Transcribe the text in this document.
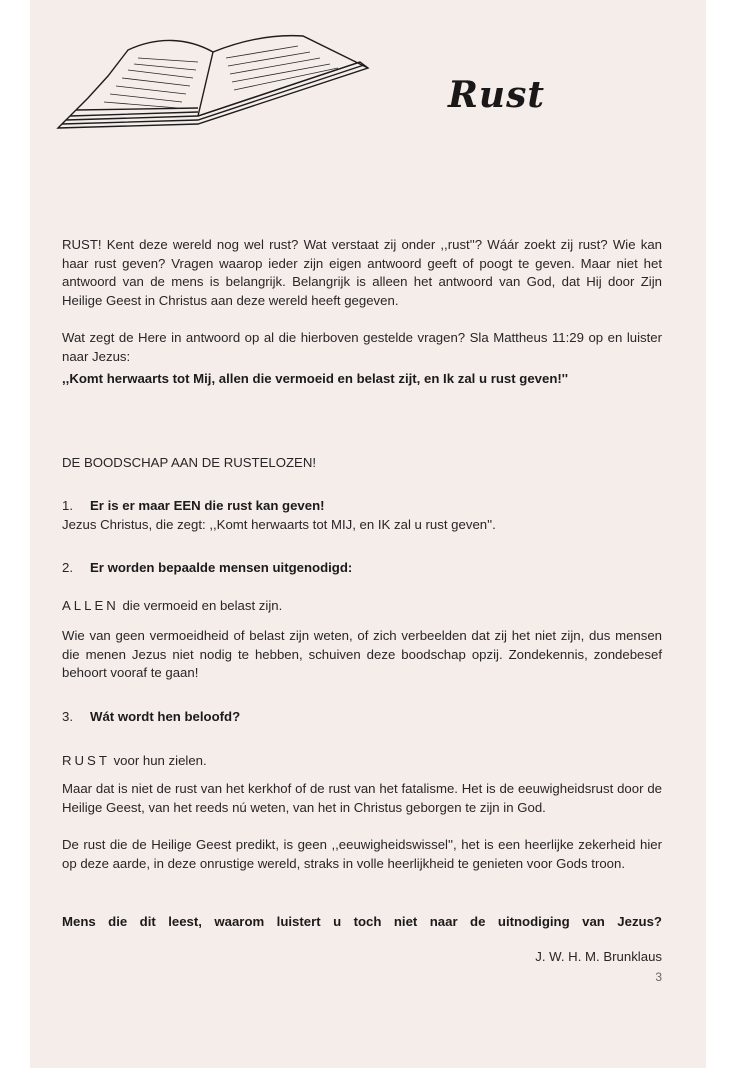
Rust

RUST! Kent deze wereld nog wel rust? Wat verstaat zij onder ,,rust''? Wáár zoekt zij rust? Wie kan haar rust geven? Vragen waarop ieder zijn eigen antwoord geeft of poogt te geven. Maar niet het antwoord van de mens is belangrijk. Belangrijk is alleen het antwoord van God, dat Hij door Zijn Heilige Geest in Christus aan deze wereld heeft gegeven.

Wat zegt de Here in antwoord op al die hierboven gestelde vragen? Sla Mattheus 11:29 op en luister naar Jezus:

,,Komt herwaarts tot Mij, allen die vermoeid en belast zijt, en Ik zal u rust geven!''

DE BOODSCHAP AAN DE RUSTELOZEN!

1. Er is er maar EEN die rust kan geven!

Jezus Christus, die zegt: ,,Komt herwaarts tot MIJ, en IK zal u rust geven''.

2. Er worden bepaalde mensen uitgenodigd:

ALLEN die vermoeid en belast zijn.

Wie van geen vermoeidheid of belast zijn weten, of zich verbeelden dat zij het niet zijn, dus mensen die menen Jezus niet nodig te hebben, schuiven deze boodschap opzij. Zondekennis, zondebesef behoort vooraf te gaan!

3. Wát wordt hen beloofd?

RUST voor hun zielen.

Maar dat is niet de rust van het kerkhof of de rust van het fatalisme. Het is de eeuwigheidsrust door de Heilige Geest, van het reeds nú weten, van het in Christus geborgen te zijn in God.

De rust die de Heilige Geest predikt, is geen ,,eeuwigheidswissel'', het is een heerlijke zekerheid hier op deze aarde, in deze onrustige wereld, straks in volle heerlijkheid te genieten voor Gods troon.

Mens die dit leest, waarom luistert u toch niet naar de uitnodiging van Jezus?

J. W. H. M. Brunklaus

3
